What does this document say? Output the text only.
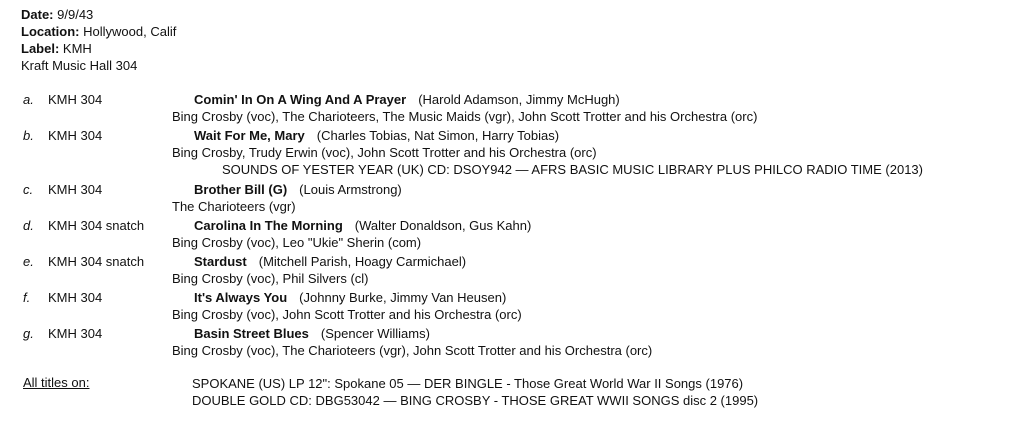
Date: 9/9/43
Location: Hollywood, Calif
Label: KMH
Kraft Music Hall 304
a. KMH 304	Comin' In On A Wing And A Prayer (Harold Adamson, Jimmy McHugh)
Bing Crosby (voc), The Charioteers, The Music Maids (vgr), John Scott Trotter and his Orchestra (orc)
b. KMH 304	Wait For Me, Mary (Charles Tobias, Nat Simon, Harry Tobias)
Bing Crosby, Trudy Erwin (voc), John Scott Trotter and his Orchestra (orc)
SOUNDS OF YESTER YEAR (UK) CD: DSOY942 — AFRS BASIC MUSIC LIBRARY PLUS PHILCO RADIO TIME (2013)
c. KMH 304	Brother Bill (G) (Louis Armstrong)
The Charioteers (vgr)
d. KMH 304 snatch	Carolina In The Morning (Walter Donaldson, Gus Kahn)
Bing Crosby (voc), Leo "Ukie" Sherin (com)
e. KMH 304 snatch	Stardust (Mitchell Parish, Hoagy Carmichael)
Bing Crosby (voc), Phil Silvers (cl)
f. KMH 304	It's Always You (Johnny Burke, Jimmy Van Heusen)
Bing Crosby (voc), John Scott Trotter and his Orchestra (orc)
g. KMH 304	Basin Street Blues (Spencer Williams)
Bing Crosby (voc), The Charioteers (vgr), John Scott Trotter and his Orchestra (orc)
All titles on:	SPOKANE (US) LP 12": Spokane 05 — DER BINGLE - Those Great World War II Songs (1976)
DOUBLE GOLD CD: DBG53042 — BING CROSBY - THOSE GREAT WWII SONGS disc 2 (1995)
